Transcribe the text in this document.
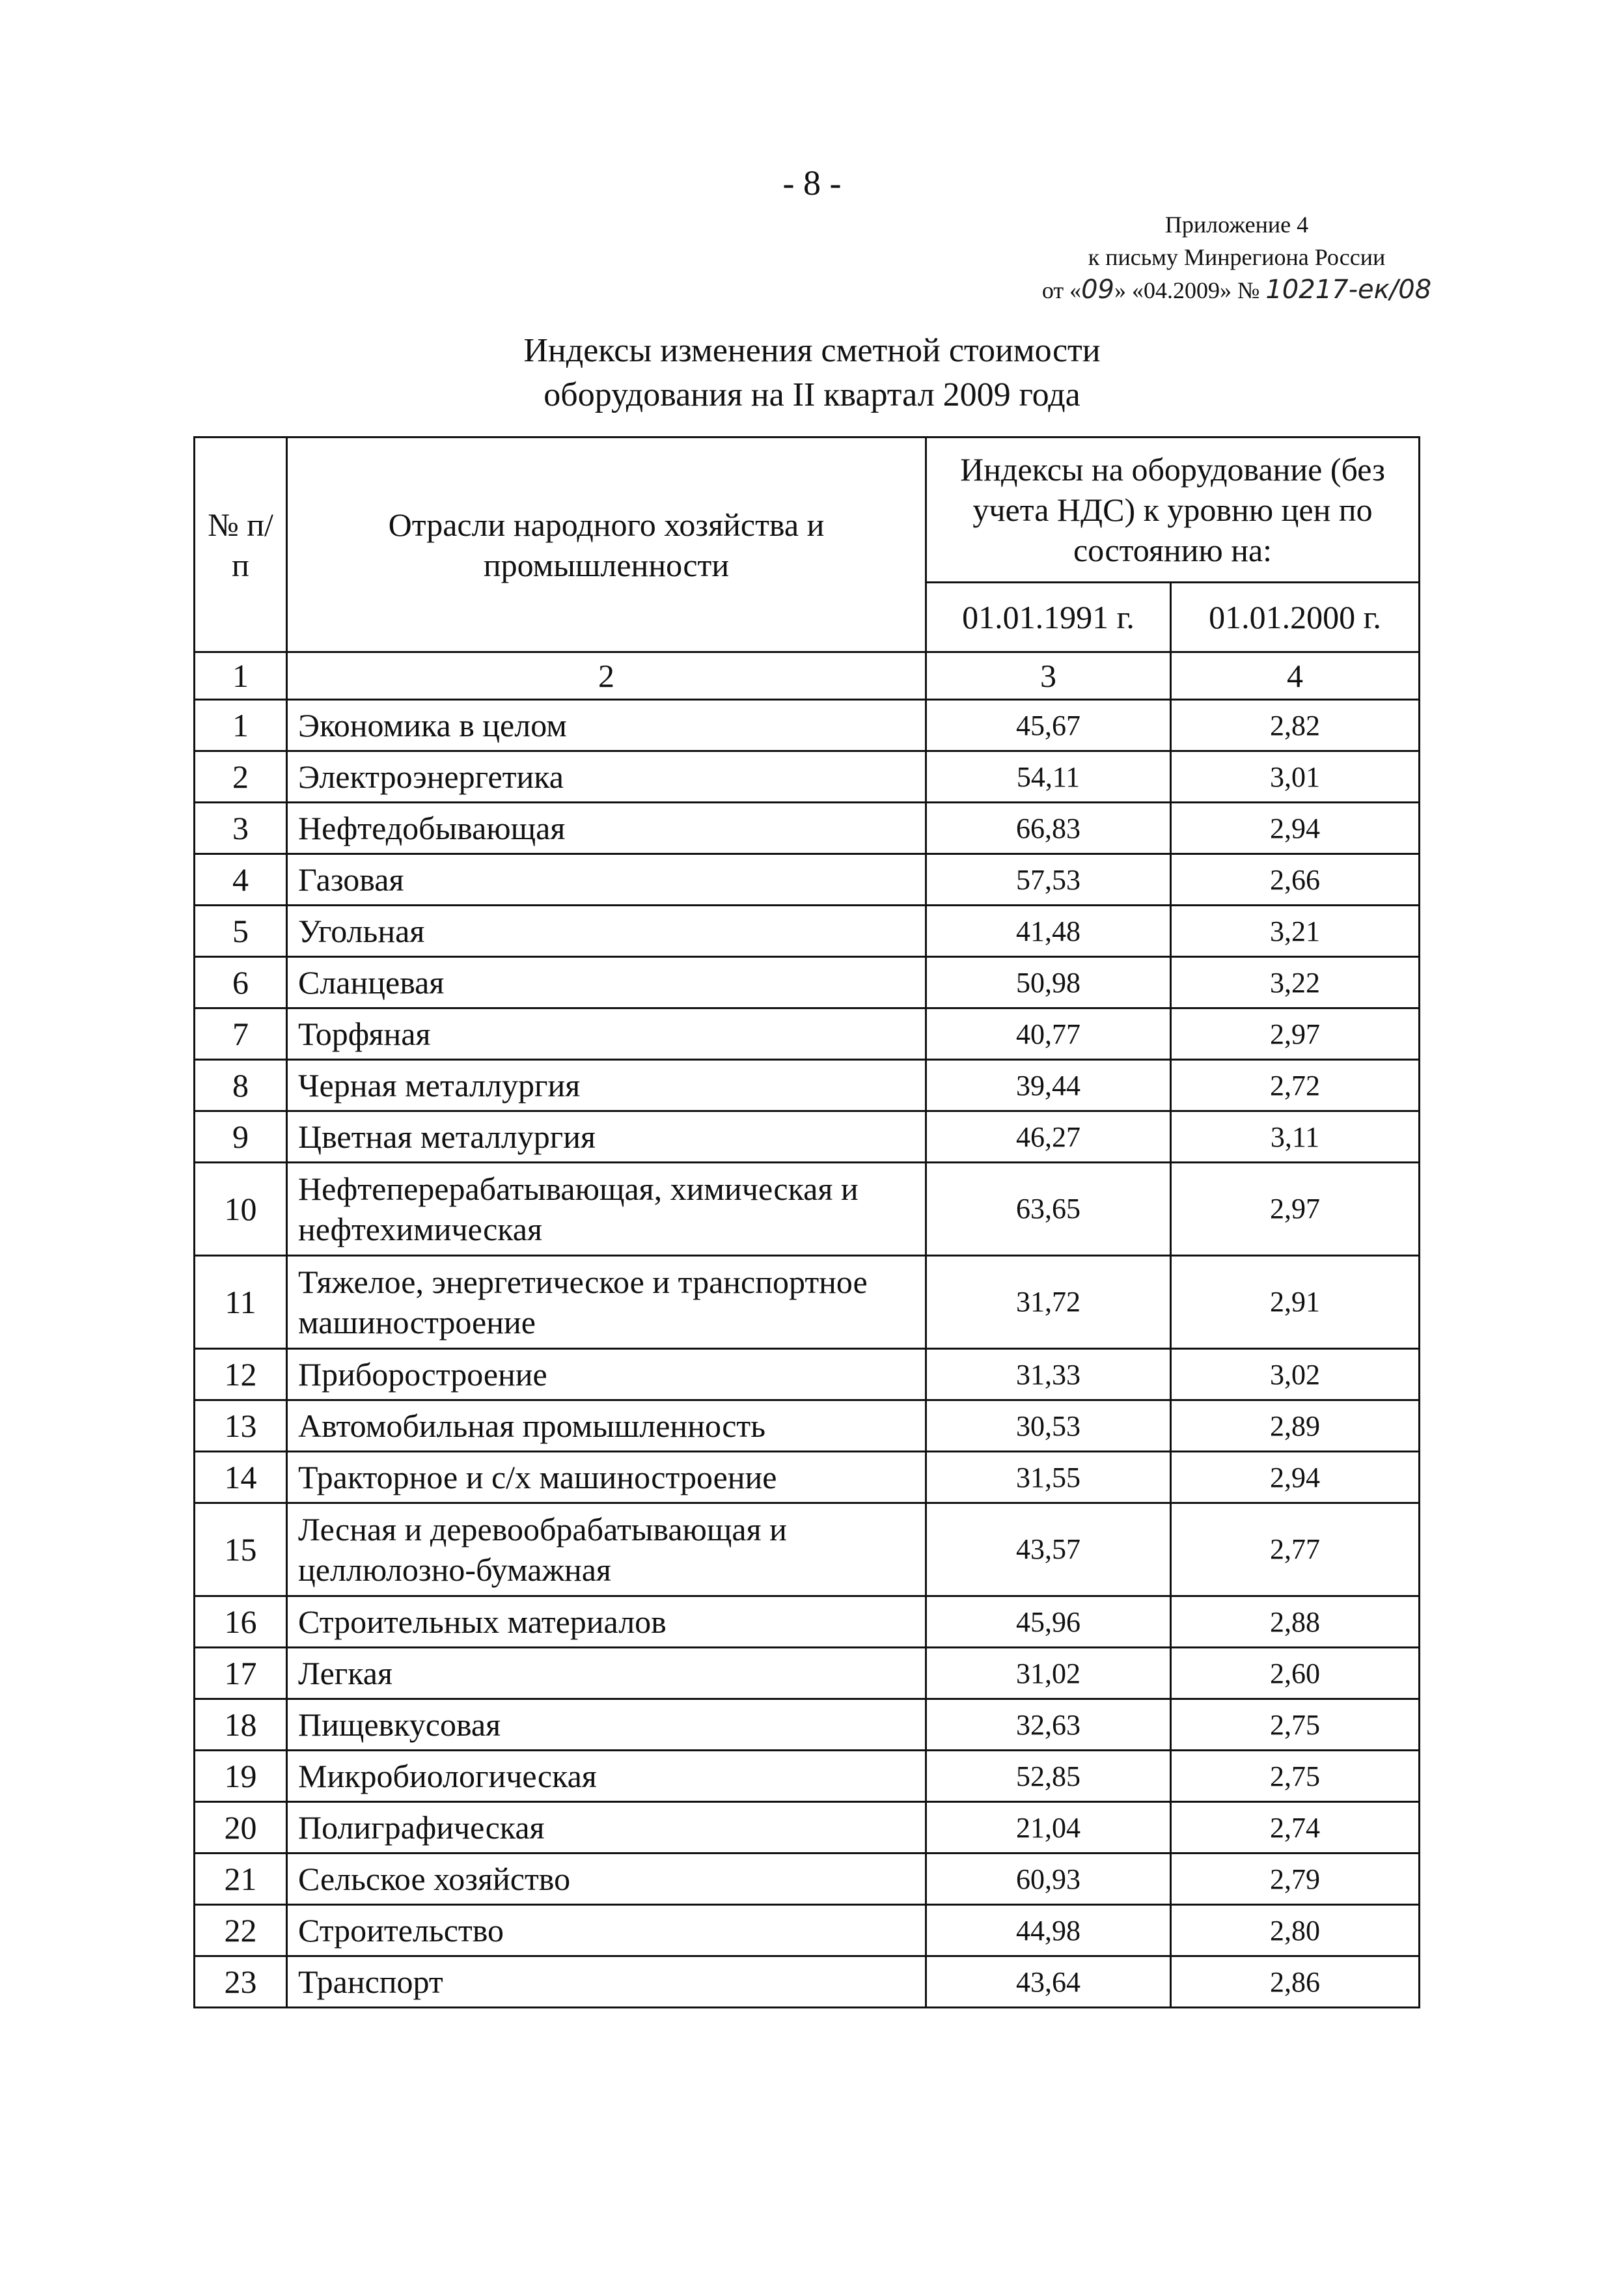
- 8 -
Приложение 4
к письму Минрегиона России
от «09» «04.2009» № 10217-ек/08
Индексы изменения сметной стоимости
оборудования на II квартал 2009 года
№ п/п	Отрасли народного хозяйства и промышленности	Индексы на оборудование (без учета НДС) к уровню цен по состоянию на:	
		01.01.1991 г.	01.01.2000 г.
1	2	3	4
1	Экономика в целом	45,67	2,82
2	Электроэнергетика	54,11	3,01
3	Нефтедобывающая	66,83	2,94
4	Газовая	57,53	2,66
5	Угольная	41,48	3,21
6	Сланцевая	50,98	3,22
7	Торфяная	40,77	2,97
8	Черная металлургия	39,44	2,72
9	Цветная металлургия	46,27	3,11
10	Нефтеперерабатывающая, химическая и нефтехимическая	63,65	2,97
11	Тяжелое, энергетическое и транспортное машиностроение	31,72	2,91
12	Приборостроение	31,33	3,02
13	Автомобильная промышленность	30,53	2,89
14	Тракторное и с/х машиностроение	31,55	2,94
15	Лесная и деревообрабатывающая и целлюлозно-бумажная	43,57	2,77
16	Строительных материалов	45,96	2,88
17	Легкая	31,02	2,60
18	Пищевкусовая	32,63	2,75
19	Микробиологическая	52,85	2,75
20	Полиграфическая	21,04	2,74
21	Сельское хозяйство	60,93	2,79
22	Строительство	44,98	2,80
23	Транспорт	43,64	2,86
